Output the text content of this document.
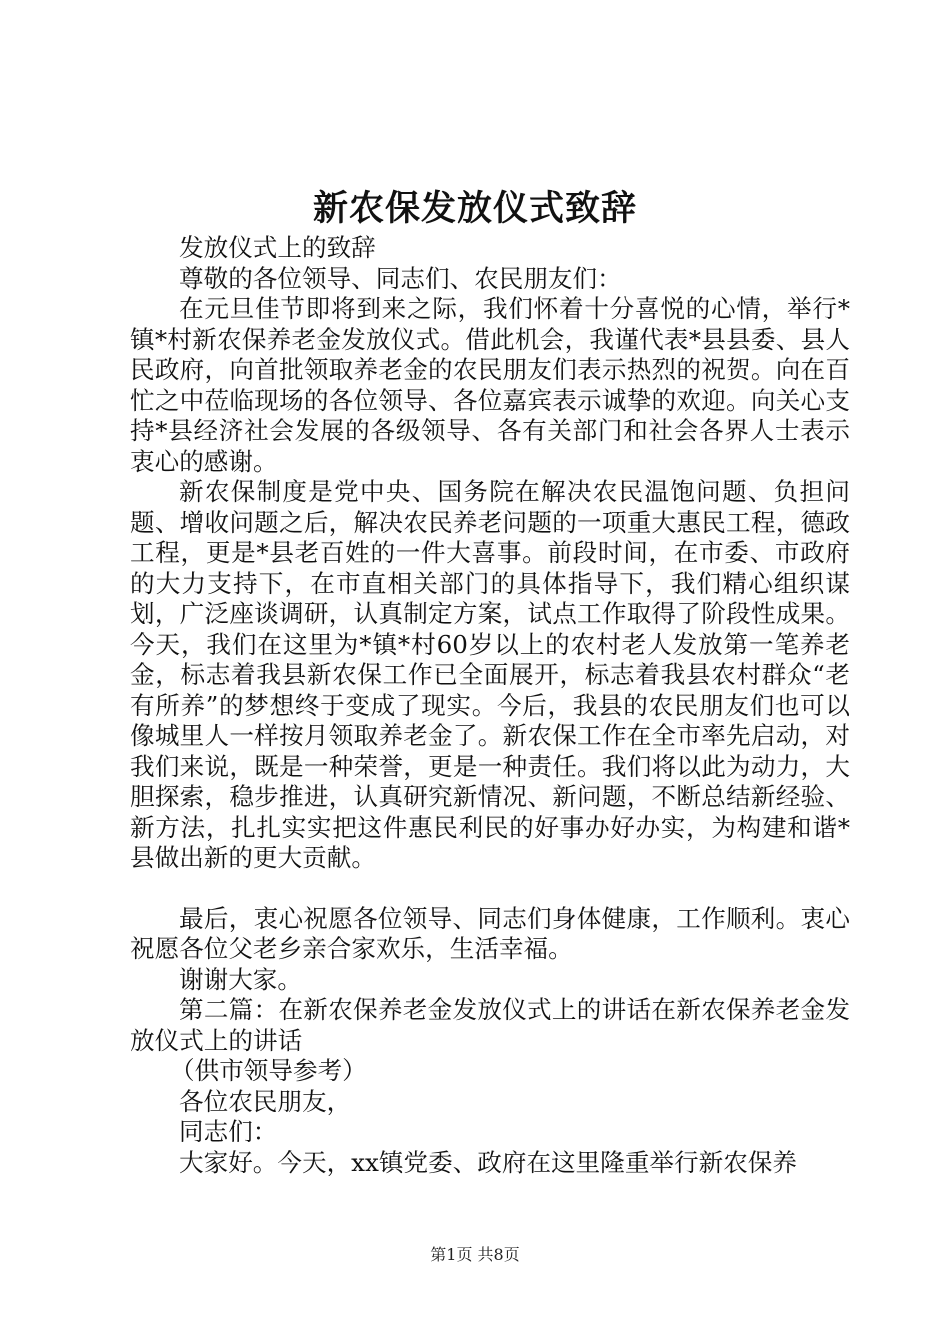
新农保发放仪式致辞

发放仪式上的致辞

尊敬的各位领导、同志们、农民朋友们：

在元旦佳节即将到来之际，我们怀着十分喜悦的心情，举行*镇*村新农保养老金发放仪式。借此机会，我谨代表*县县委、县人民政府，向首批领取养老金的农民朋友们表示热烈的祝贺。向在百忙之中莅临现场的各位领导、各位嘉宾表示诚挚的欢迎。向关心支持*县经济社会发展的各级领导、各有关部门和社会各界人士表示衷心的感谢。

新农保制度是党中央、国务院在解决农民温饱问题、负担问题、增收问题之后，解决农民养老问题的一项重大惠民工程，德政工程，更是*县老百姓的一件大喜事。前段时间，在市委、市政府的大力支持下，在市直相关部门的具体指导下，我们精心组织谋划，广泛座谈调研，认真制定方案，试点工作取得了阶段性成果。今天，我们在这里为*镇*村60岁以上的农村老人发放第一笔养老金，标志着我县新农保工作已全面展开，标志着我县农村群众“老有所养”的梦想终于变成了现实。今后，我县的农民朋友们也可以像城里人一样按月领取养老金了。新农保工作在全市率先启动，对我们来说，既是一种荣誉，更是一种责任。我们将以此为动力，大胆探索，稳步推进，认真研究新情况、新问题，不断总结新经验、新方法，扎扎实实把这件惠民利民的好事办好办实，为构建和谐*县做出新的更大贡献。

最后，衷心祝愿各位领导、同志们身体健康，工作顺利。衷心祝愿各位父老乡亲合家欢乐，生活幸福。

谢谢大家。

第二篇：在新农保养老金发放仪式上的讲话在新农保养老金发放仪式上的讲话

（供市领导参考）

各位农民朋友，

同志们：

大家好。今天，xx镇党委、政府在这里隆重举行新农保养

第1页 共8页
